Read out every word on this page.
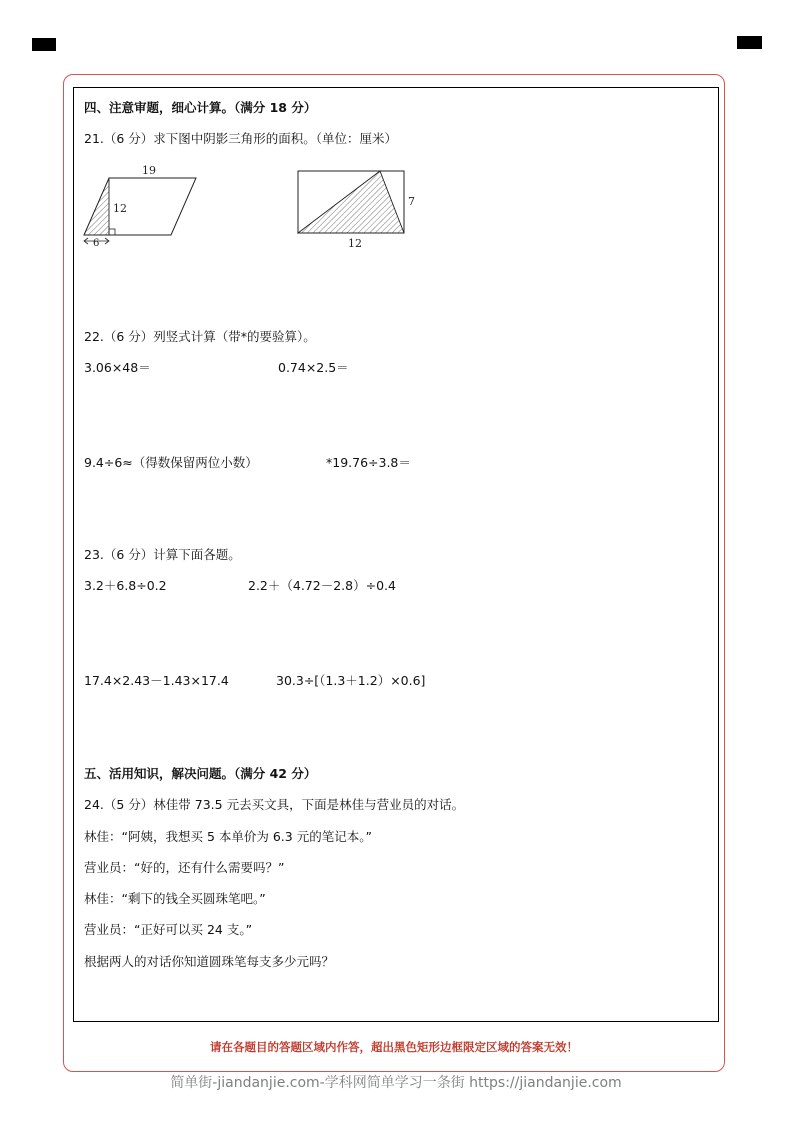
四、注意审题，细心计算。（满分 18 分）
21.（6 分）求下图中阴影三角形的面积。（单位：厘米）
19
12
6
7
12
22.（6 分）列竖式计算（带*的要验算）。
3.06×48＝	0.74×2.5＝
9.4÷6≈（得数保留两位小数）	*19.76÷3.8＝
23.（6 分）计算下面各题。
3.2＋6.8÷0.2	2.2＋（4.72－2.8）÷0.4
17.4×2.43－1.43×17.4	30.3÷[（1.3＋1.2）×0.6]
五、活用知识，解决问题。（满分 42 分）
24.（5 分）林佳带 73.5 元去买文具，下面是林佳与营业员的对话。
林佳：“阿姨，我想买 5 本单价为 6.3 元的笔记本。”
营业员：“好的，还有什么需要吗？”
林佳：“剩下的钱全买圆珠笔吧。”
营业员：“正好可以买 24 支。”
根据两人的对话你知道圆珠笔每支多少元吗？
请在各题目的答题区域内作答，超出黑色矩形边框限定区域的答案无效！
简单街-jiandanjie.com-学科网简单学习一条街 https://jiandanjie.com
